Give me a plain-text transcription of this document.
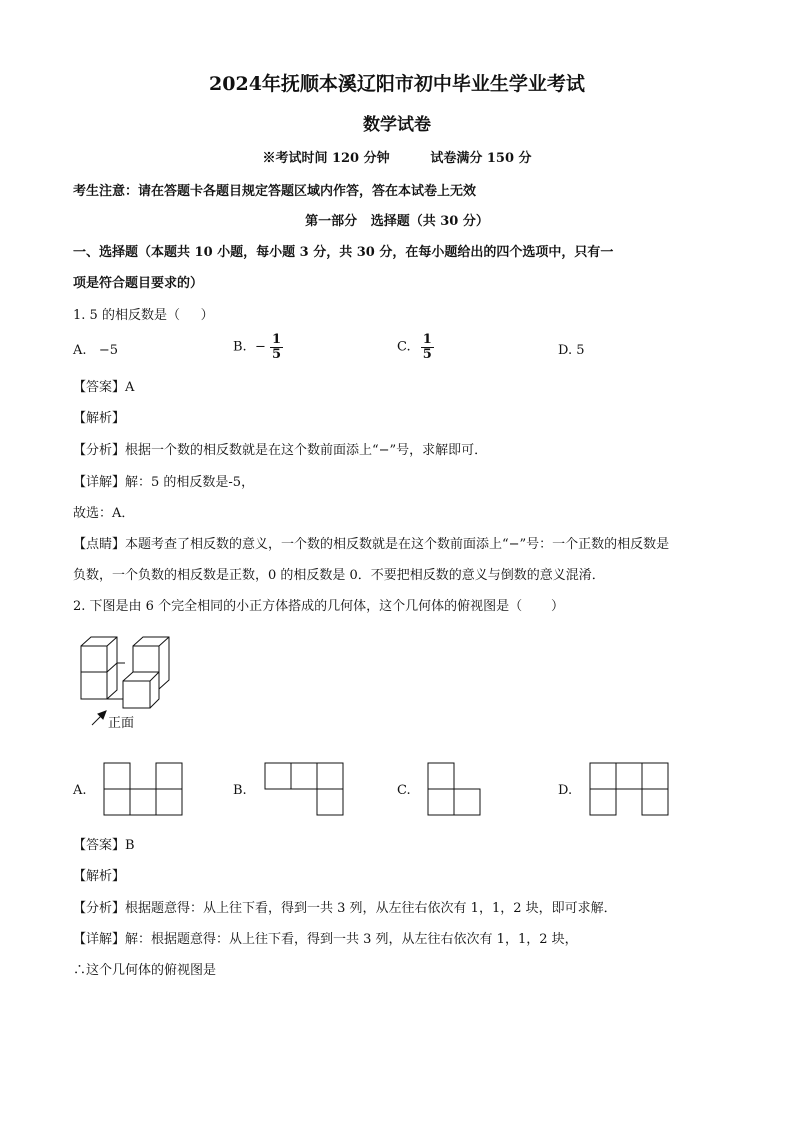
2024年抚顺本溪辽阳市初中毕业生学业考试
数学试卷
※考试时间 120 分钟         试卷满分 150 分
考生注意：请在答题卡各题目规定答题区域内作答，答在本试卷上无效
第一部分   选择题（共 30 分）
一、选择题（本题共 10 小题，每小题 3 分，共 30 分，在每小题给出的四个选项中，只有一
项是符合题目要求的）
1. 5 的相反数是（     ）
A.   −5	B.  − $\frac{1}{5}$	C. $\frac{1}{5}$	D. 5
【答案】A
【解析】
【分析】根据一个数的相反数就是在这个数前面添上“−”号，求解即可．
【详解】解：5 的相反数是-5，
故选：A．
【点睛】本题考查了相反数的意义，一个数的相反数就是在这个数前面添上“−”号：一个正数的相反数是
负数，一个负数的相反数是正数，0 的相反数是 0．不要把相反数的意义与倒数的意义混淆．
2. 下图是由 6 个完全相同的小正方体搭成的几何体，这个几何体的俯视图是（       ）
正面
A.	B.	C.	D.
【答案】B
【解析】
【分析】根据题意得：从上往下看，得到一共 3 列，从左往右依次有 1，1，2 块，即可求解．
【详解】解：根据题意得：从上往下看，得到一共 3 列，从左往右依次有 1，1，2 块，
∴这个几何体的俯视图是
